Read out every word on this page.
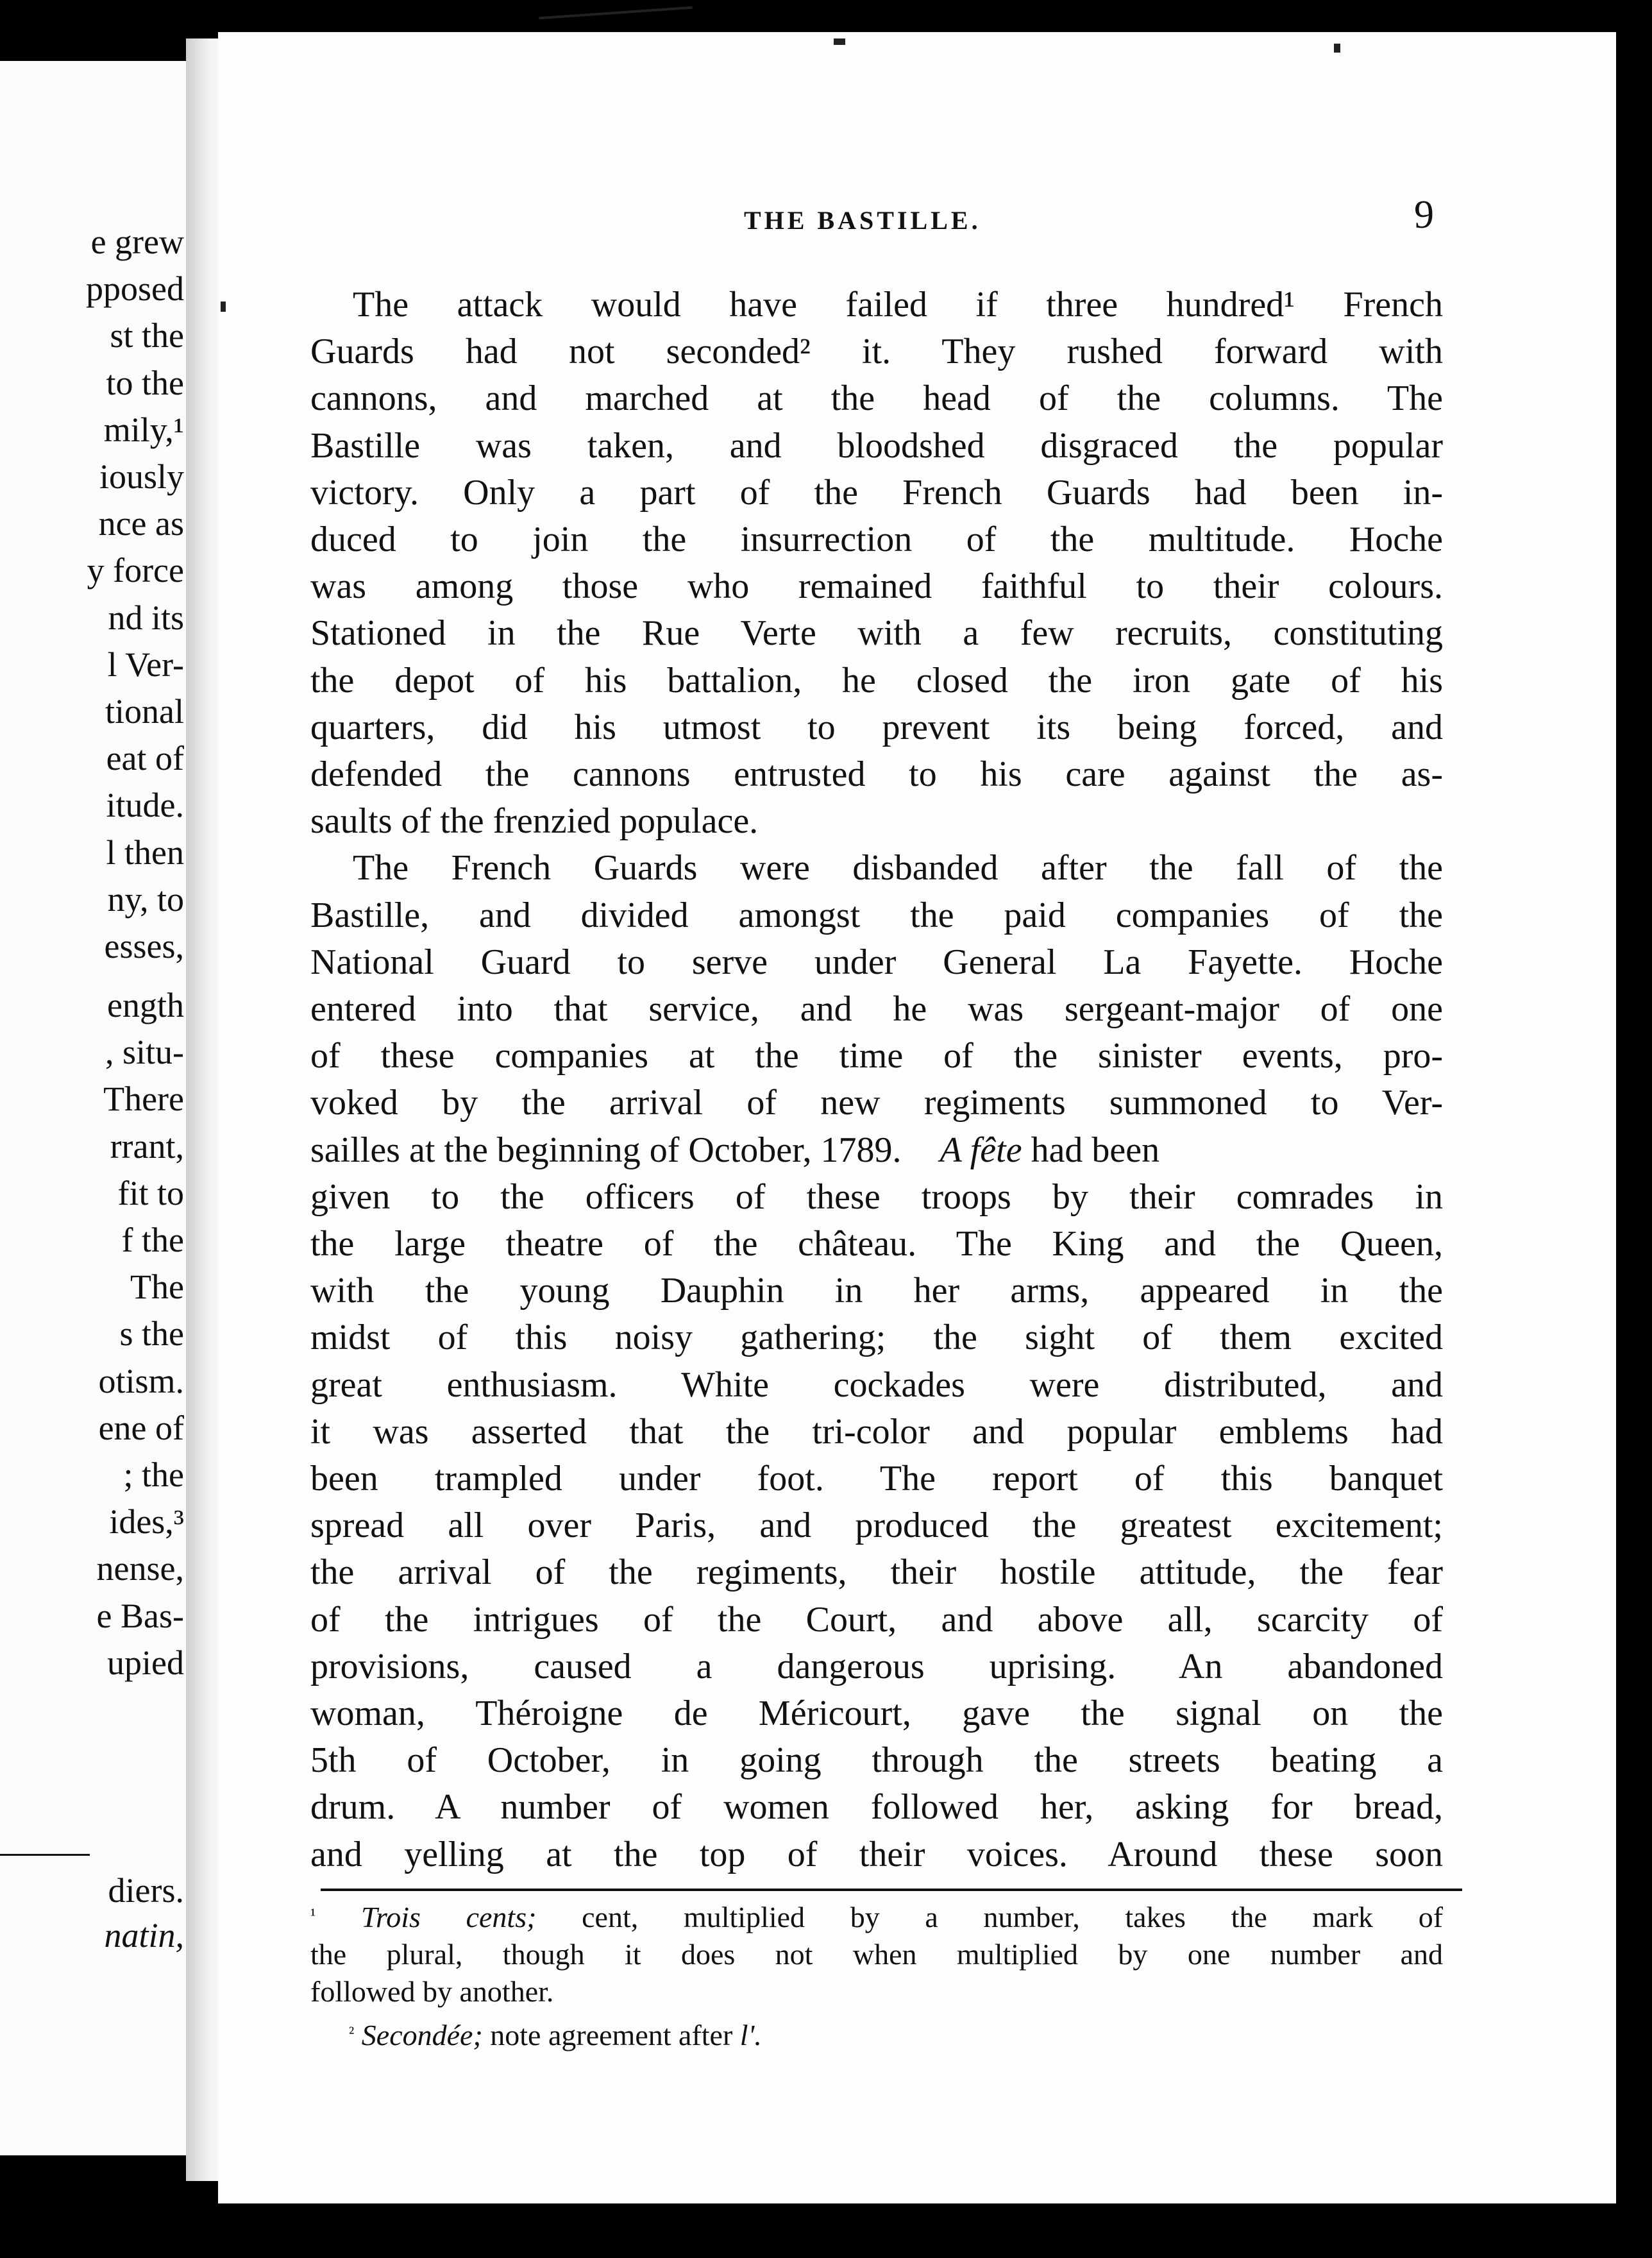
e grew
pposed
st the
to the
mily,¹
iously
nce as
y force
nd its
l Ver-
tional
eat of
itude.
l then
ny, to
esses,
ength
, situ-
There
rrant,
fit to
f the
The
s the
otism.
ene of
; the
ides,³
nense,
e Bas-
upied
diers.
natin,
THE BASTILLE.	9
The attack would have failed if three hundred¹ French
Guards had not seconded² it. They rushed forward with
cannons, and marched at the head of the columns. The
Bastille was taken, and bloodshed disgraced the popular
victory. Only a part of the French Guards had been in-
duced to join the insurrection of the multitude. Hoche
was among those who remained faithful to their colours.
Stationed in the Rue Verte with a few recruits, constituting
the depot of his battalion, he closed the iron gate of his
quarters, did his utmost to prevent its being forced, and
defended the cannons entrusted to his care against the as-
saults of the frenzied populace.
The French Guards were disbanded after the fall of the
Bastille, and divided amongst the paid companies of the
National Guard to serve under General La Fayette. Hoche
entered into that service, and he was sergeant-major of one
of these companies at the time of the sinister events, pro-
voked by the arrival of new regiments summoned to Ver-
sailles at the beginning of October, 1789. A fête had been
given to the officers of these troops by their comrades in
the large theatre of the château. The King and the Queen,
with the young Dauphin in her arms, appeared in the
midst of this noisy gathering; the sight of them excited
great enthusiasm. White cockades were distributed, and
it was asserted that the tri-color and popular emblems had
been trampled under foot. The report of this banquet
spread all over Paris, and produced the greatest excitement;
the arrival of the regiments, their hostile attitude, the fear
of the intrigues of the Court, and above all, scarcity of
provisions, caused a dangerous uprising. An abandoned
woman, Théroigne de Méricourt, gave the signal on the
5th of October, in going through the streets beating a
drum. A number of women followed her, asking for bread,
and yelling at the top of their voices. Around these soon
$^{^1}$ Trois cents; cent, multiplied by a number, takes the mark of
the plural, though it does not when multiplied by one number and
followed by another.
$^{^2}$ Secondée; note agreement after l'.
